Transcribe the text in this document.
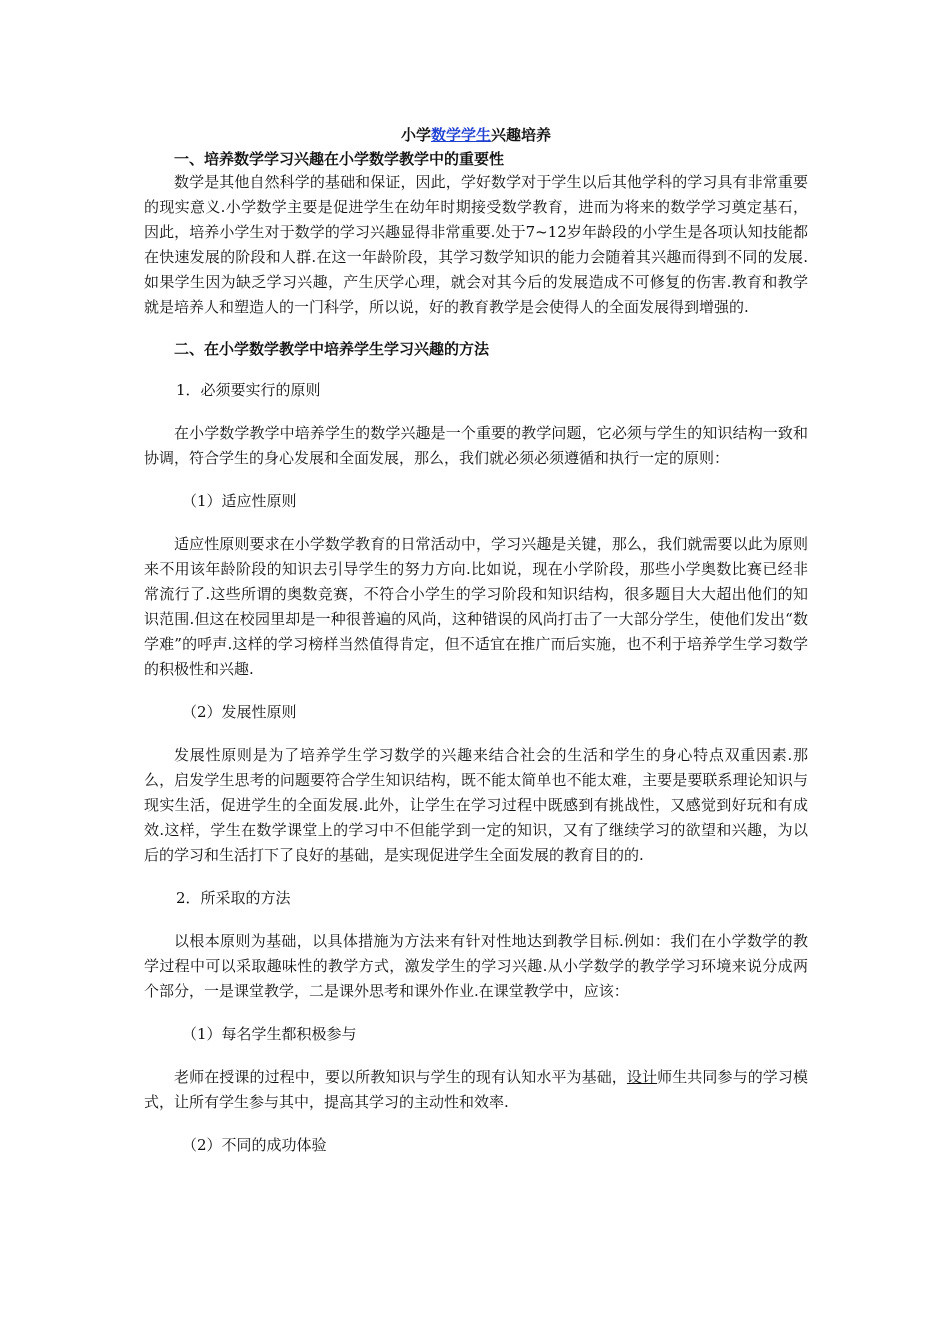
小学数学学生兴趣培养
一、培养数学学习兴趣在小学数学教学中的重要性

数学是其他自然科学的基础和保证，因此，学好数学对于学生以后其他学科的学习具有非常重要的现实意义.小学数学主要是促进学生在幼年时期接受数学教育，进而为将来的数学学习奠定基石，因此，培养小学生对于数学的学习兴趣显得非常重要.处于7~12岁年龄段的小学生是各项认知技能都在快速发展的阶段和人群.在这一年龄阶段，其学习数学知识的能力会随着其兴趣而得到不同的发展.如果学生因为缺乏学习兴趣，产生厌学心理，就会对其今后的发展造成不可修复的伤害.教育和教学就是培养人和塑造人的一门科学，所以说，好的教育教学是会使得人的全面发展得到增强的.

二、在小学数学教学中培养学生学习兴趣的方法
1．必须要实行的原则

在小学数学教学中培养学生的数学兴趣是一个重要的教学问题，它必须与学生的知识结构一致和协调，符合学生的身心发展和全面发展，那么，我们就必须必须遵循和执行一定的原则：

（1）适应性原则

适应性原则要求在小学数学教育的日常活动中，学习兴趣是关键，那么，我们就需要以此为原则来不用该年龄阶段的知识去引导学生的努力方向.比如说，现在小学阶段，那些小学奥数比赛已经非常流行了.这些所谓的奥数竞赛，不符合小学生的学习阶段和知识结构，很多题目大大超出他们的知识范围.但这在校园里却是一种很普遍的风尚，这种错误的风尚打击了一大部分学生，使他们发出“数学难”的呼声.这样的学习榜样当然值得肯定，但不适宜在推广而后实施，也不利于培养学生学习数学的积极性和兴趣.

（2）发展性原则

发展性原则是为了培养学生学习数学的兴趣来结合社会的生活和学生的身心特点双重因素.那么，启发学生思考的问题要符合学生知识结构，既不能太简单也不能太难，主要是要联系理论知识与现实生活，促进学生的全面发展.此外，让学生在学习过程中既感到有挑战性，又感觉到好玩和有成效.这样，学生在数学课堂上的学习中不但能学到一定的知识，又有了继续学习的欲望和兴趣，为以后的学习和生活打下了良好的基础，是实现促进学生全面发展的教育目的的.

2．所采取的方法

以根本原则为基础，以具体措施为方法来有针对性地达到教学目标.例如：我们在小学数学的教学过程中可以采取趣味性的教学方式，激发学生的学习兴趣.从小学数学的教学学习环境来说分成两个部分，一是课堂教学，二是课外思考和课外作业.在课堂教学中，应该：

（1）每名学生都积极参与

老师在授课的过程中，要以所教知识与学生的现有认知水平为基础，设计师生共同参与的学习模式，让所有学生参与其中，提高其学习的主动性和效率.

（2）不同的成功体验
